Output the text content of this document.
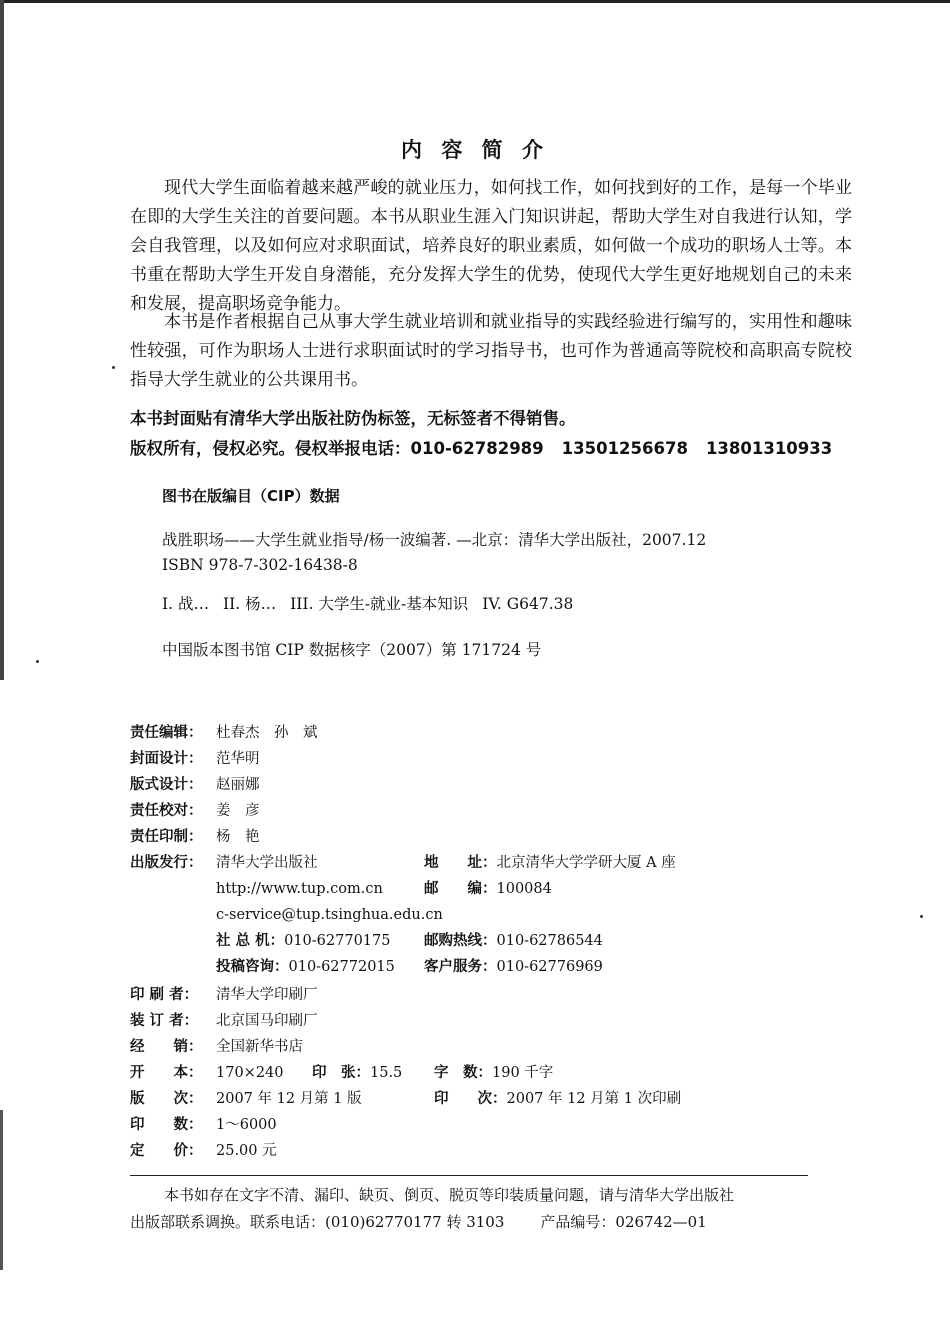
内 容 简 介

现代大学生面临着越来越严峻的就业压力，如何找工作，如何找到好的工作，是每一个毕业在即的大学生关注的首要问题。本书从职业生涯入门知识讲起，帮助大学生对自我进行认知，学会自我管理，以及如何应对求职面试，培养良好的职业素质，如何做一个成功的职场人士等。本书重在帮助大学生开发自身潜能，充分发挥大学生的优势，使现代大学生更好地规划自己的未来和发展，提高职场竞争能力。

本书是作者根据自己从事大学生就业培训和就业指导的实践经验进行编写的，实用性和趣味性较强，可作为职场人士进行求职面试时的学习指导书，也可作为普通高等院校和高职高专院校指导大学生就业的公共课用书。

本书封面贴有清华大学出版社防伪标签，无标签者不得销售。
版权所有，侵权必究。侵权举报电话：010-62782989 13501256678 13801310933
图书在版编目（CIP）数据
战胜职场——大学生就业指导/杨一波编著. —北京：清华大学出版社，2007.12
ISBN 978-7-302-16438-8
I. 战… II. 杨… III. 大学生-就业-基本知识 IV. G647.38
中国版本图书馆 CIP 数据核字（2007）第 171724 号
责任编辑： 杜春杰　孙　斌
封面设计： 范华明
版式设计： 赵丽娜
责任校对： 姜　彦
责任印制： 杨　艳
出版发行： 清华大学出版社	地　　址：北京清华大学学研大厦 A 座
http://www.tup.com.cn	邮　　编：100084
c-service@tup.tsinghua.edu.cn
社 总 机：010-62770175 邮购热线：010-62786544
投稿咨询：010-62772015 客户服务：010-62776969
印 刷 者： 清华大学印刷厂
装 订 者： 北京国马印刷厂
经　　销： 全国新华书店
开　　本： 170×240 印　张：15.5 字　数：190 千字
版　　次： 2007 年 12 月第 1 版	印　　次：2007 年 12 月第 1 次印刷
印　　数： 1～6000
定　　价： 25.00 元
本书如存在文字不清、漏印、缺页、倒页、脱页等印装质量问题，请与清华大学出版社
出版部联系调换。联系电话：(010)62770177 转 3103 产品编号：026742—01
